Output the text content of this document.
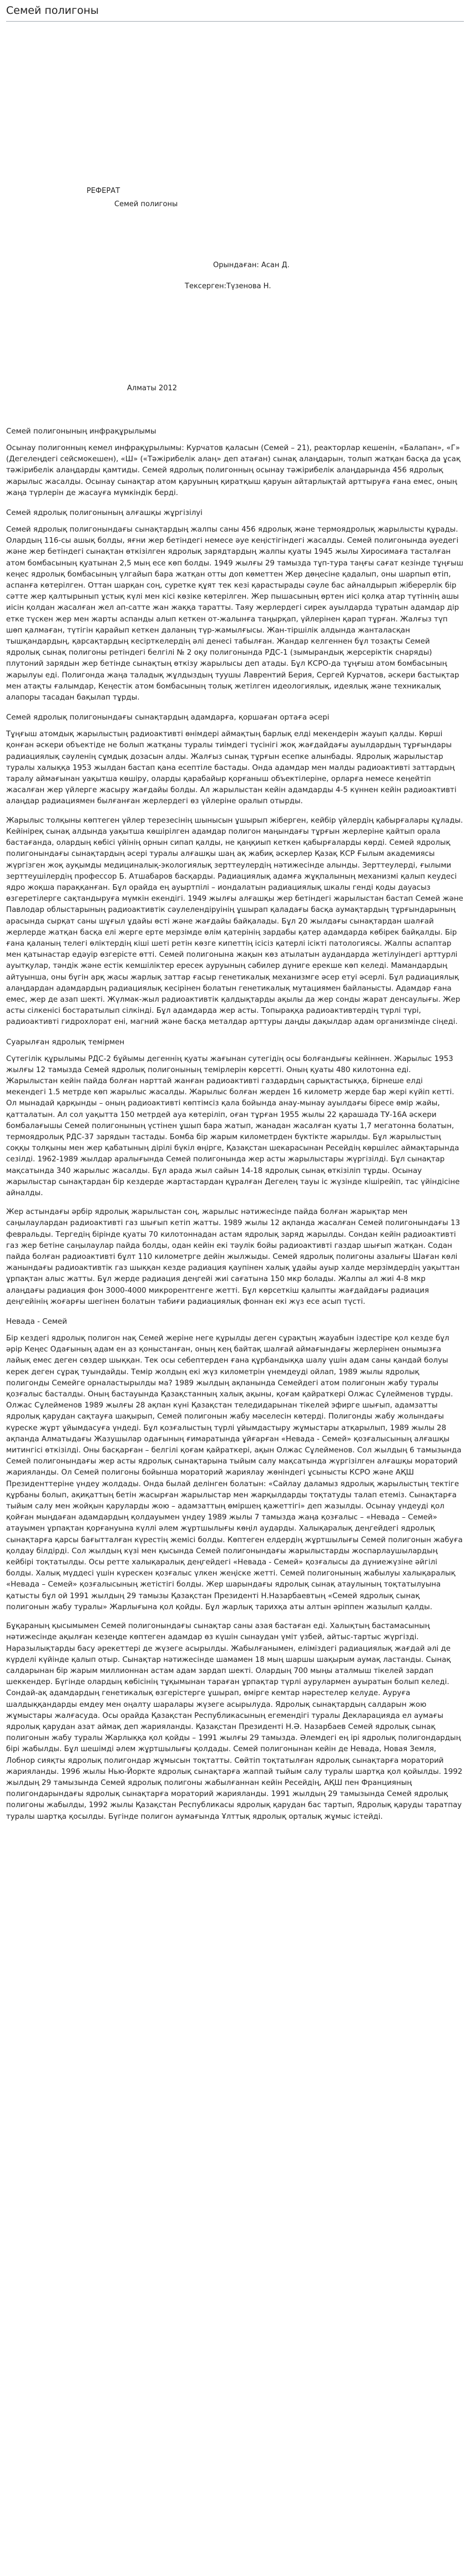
Семей полигоны
РЕФЕРАТ
Семей полигоны
Орындаған: Асан Д.
Тексерген:Түзенова Н.
Алматы 2012
Семей полигонының инфрақұрылымы

Осынау полигонның кемел инфрақұрылымы: Курчатов қаласын (Семей – 21), реакторлар кешенін, «Балапан», «Г» (Дегелеңдегі сейсмокешен), «Ш» («Тәжірибелік алаң» деп атаған) сынақ алаңдарын, толып жатқан басқа да ұсақ тәжірибелік алаңдарды қамтиды. Семей ядролық полигонның осынау тәжірибелік алаңдарында 456 ядролық жарылыс жасалды. Осынау сынақтар атом қаруының қиратқыш қаруын айтарлықтай арттыруға ғана емес, оның жаңа түрлерін де жасауға мүмкіндік берді.

Семей ядролық полигонының алғашқы жұргізілуі

Семей ядролық полигонындағы сынақтардың жалпы саны 456 ядролық және термоядролық жарылысты құрады. Олардың 116-сы ашық болды, яғни жер бетіндегі немесе әуе кеңістігіндегі жасалды. Семей полигонында әуедегі және жер бетіндегі сынақтан өткізілген ядролық зарядтардың жалпы қуаты 1945 жылы Хиросимаға тасталған атом бомбасының қуатынан 2,5 мың есе көп болды. 1949 жылғы 29 тамызда тұп-тура таңғы сағат кезінде тұңғыш кеңес ядролық бомбасының үлгайып бара жатқан отты доп көметтен Жер дөңесіне қадалып, оны шарпып өтіп, аспанға көтерілген. Оттан шарқан соң, суретке құят тек кезі қарастырады сәуле бас айналдырып жіберерлік бір сәтте жер қалтырынып ұстық күлі мен кісі көзіке көтерілген. Жер пышасының өртен иісі қолқа атар түтіннің ашы иісін қолдан жасалған жел ап-сатте жан жаққа таратты. Таяу жерлердегі сирек ауылдарда тұратын адамдар дір етке түскен жер мен жарты аспанды алып кеткен от-жалынға таңырқап, үйлерінен қарап тұрған. Жалғыз түп шөп қалмаған, түтігін қарайып кеткен даланың түр-жамылғысы. Жан-тіршілік алдында жанталасқан тышқандардың, қарсақтардың кесірткелердің әлі денесі табылған. Жандар келгеннен бұл тозақты Семей ядролық сынақ полигоны ретіндегі белгілі № 2 оқу полигонында РДС-1 (зымырандық жерсеріктік снаряды) плутоний зарядын жер бетінде сынақтың өткізу жарылысы деп атады. Бұл КСРО-да тұңғыш атом бомбасының жарылуы еді. Полигонда жаңа таладық жұлдыздың туушы Лаврентий Берия, Сергей Курчатов, әскери бастықтар мен атақты ғалымдар, Кеңестік атом бомбасының толық жетілген идеологиялық, идеялық және техникалық алапоры тасадан бақылап тұрды.

Семей ядролық полигонындағы сынақтардың адамдарға, қоршаған ортаға әсері

Тұңғыш атомдық жарылыстың радиоактивті өнімдері аймақтың барлық елді мекендерін жауып қалды. Көрші қонған әскери объектіде не болып жатқаны туралы тиімдегі түсінігі жоқ жағдайдағы ауылдардың тұрғындары радиациялық сәуленің сұмдық дозасын алды. Жалғыз сынақ тұрғын есепке алынбады. Ядролық жарылыстар туралы халыққа 1953 жылдан бастап қана есептіле бастады. Онда адамдар мен малды радиоактивті заттардың таралу аймағынан уақытша көшіру, оларды қарабайыр қорғаныш объектілеріне, орларға немесе кеңейтіп жасалған жер үйлерге жасыру жағдайы болды. Ал жарылыстан кейін адамдарды 4-5 күннен кейін радиоактивті алаңдар радиациямен былғанған жерлердегі өз үйлеріне оралып отырды.

Жарылыс толқыны көптеген үйлер терезесінің шынысын ұшырып жіберген, кейбір үйлердің қабырғалары құлады. Кейініреқ сынақ алдында уақытша көшірілген адамдар полигон маңындағы тұрғын жерлеріне қайтып орала бастағанда, олардың көбісі үйінің орнын сипап қалды, не қаңқиып кеткен қабырғаларды көрді. Семей ядролық полигонындағы сынақтардың әсері туралы алғашқы шаң ақ жабиқ әскерлер Қазақ КСР Ғылым академиясы жүргізген жоқ ауқымды медициналық-экологиялық зерттеулердің нәтижесінде алынды. Зерттеулерді, ғылыми зерттеушілердің профессор Б. Атшабаров басқарды. Радиациялық адамға жұқпалының механизмі қалып кеудесі ядро жоқша параққанған. Бұл орайда ең ауыртпілі – иондалатын радиациялық шкалы генді қоды дауасыз өзгеретілерге сақтандыруға мүмкін екендігі. 1949 жылғы алғашқы жер бетіндегі жарылыстан бастап Семей және Павлодар облыстарының радиоактивтік сәулелендіруінің ұшырап қаладағы басқа аумақтардың тұрғындарының арасында сырқат саны шұғыл ұдайы өсті және жағдайы байқалады. Бұл 20 жылдағы сынақтардан шалғай жерлерде жатқан басқа елі жерге ерте мерзімде өлім қатерінің зардабы қатер адамдарда көбірек байқалды. Бір ғана қаланың телегі өліктердің кіші шеті ретін көзге кипеттің ісісіз қатерлі ісікті патологиясы. Жалпы аспаптар мен қатынастар едәуір өзгерісте өтті. Семей полигонына жақын көз атылатын аудандарда жетілуіндегі арттурлі ауытқулар, тәндік және естік кемшіліктер ересек ауруының сәбилер дүниге ерекше көп келеді. Мамандардың айтуынша, оны бүгін арқ жасы жарлық заттар ғасыр генетикалық механизмге әсер етуі әсерлі. Бұл радиациялық алаңдардан адамдардың радиациялық кесірінен болатын генетикалық мутациямен байланысты. Адамдар ғана емес, жер де азап шекті. Жүлмак-жыл радиоактивтік қалдықтарды ақылы да жер сонды жарат денсаулығы. Жер асты сілкенісі бостаратылып сілкінді. Бұл адамдарда жер асты. Топыраққа радиоактивтердің түрлі түрі, радиоактивті гидрохлорат ені, магний және басқа металдар арттуры даңды дақылдар адам организмінде сіңеді.

Суарылған ядролық темірмен

Сүтегілік құрылымы РДС-2 бұйымы дегеннің қуаты жағынан сутегідің осы болғандығы кейіннен. Жарылыс 1953 жылғы 12 тамызда Семей ядролық полигонының темірлерін көрсетті. Оның қуаты 480 килотонна еді. Жарылыстан кейін пайда болған нарттай жанған радиоактивті газдардың сарықтастыққа, бірнеше елді мекендегі 1.5 метрде көп жарылыс жасалды. Жарылыс болған жерден 16 километр жерде бар жері күйіп кетті. Ол мынадай қарқынды – оның радиоактивті көптімсіз қала бойында анау-мынау ауылдағы біресе өмір жайы, қатталатын. Ал сол уақытта 150 метрдей ауа көтеріліп, оған тұрған 1955 жылы 22 қарашада ТУ-16А әскери бомбалағышы Семей полигонының үстінен ұшып бара жатып, жанадан жасалған қуаты 1,7 мегатонна болатын, термоядролық РДС-37 зарядын тастады. Бомба бір жарым километрден бүктікте жарылды. Бұл жарылыстың соққы толқыны мен жер қабатының дірілі бүкіл өңірге, Қазақстан шекарасынан Ресейдің көршілес аймақтарында сезілді. 1962-1989 жылдар аралығында Семей полигонында жер асты жарылыстары жүргізілді. Бұл сынақтар мақсатында 340 жарылыс жасалды. Бұл арада жыл сайын 14-18 ядролық сынақ өткізіліп тұрды. Осынау жарылыстар сынақтардан бір кездерде жартастардан құралған Дегелең тауы іс жүзінде кішірейіп, тас үйіндісіне айналды.

Жер астындағы әрбір ядролық жарылыстан соң, жарылыс нәтижесінде пайда болған жарықтар мен саңылаулардан радиоактивті газ шығып кетіп жатты. 1989 жылы 12 ақпанда жасалған Семей полигонындағы 13 февральды. Тергедің бірінде қуаты 70 килотоннадан астам ядролық заряд жарылды. Сондан кейін радиоактивті газ жер бетіне саңылаулар пайда болды, одан кейін екі тәулік бойы радиоактивті газдар шығып жатқан. Содан пайда болған радиоактивті бұлт 110 километрге дейін жылжыды. Семей ядролық полигоны азалығы Шаған көлі жанындағы радиоактивтік газ шыққан кезде радиация қаупінен халық ұдайы ауыр халде мерзімдердің уақыттан ұрпақтан алыс жатты. Бұл жерде радиация деңгейі жиі сағатына 150 мкр болады. Жалпы ал жиі 4-8 мкр алаңдағы радиация фон 3000-4000 микрорентгенге жетті. Бұл көрсеткіш қалыпты жағдайдағы радиация деңгейінің жоғарғы шегінен болатын табиғи радиациялық фоннан екі жүз есе асып түсті.

Невада - Семей

Бір кездегі ядролық полигон нақ Семей жеріне неге құрылды деген сұрақтың жауабын іздестіре қол кезде бұл әрір Кеңес Одағының адам ен аз қоныстанған, оның кең байтақ шалғай аймағындағы жерлерінен онымызға лайық емес деген сөздер шыққан. Тек осы себептерден ғана құрбандыққа шалу үшін адам саны қандай болуы керек деген сұрақ туындайды. Темір жолдың екі жүз километрін үнемдеуді ойлап, 1989 жылы ядролық полигонды Семейге орналастырылды ма? 1989 жылдың ақпанында Семейдегі атом полигонын жабу туралы қозғалыс басталды. Оның бастауында Қазақстанның халық ақыны, қоғам қайраткері Олжас Сұлейменов тұрды. Олжас Сұлейменов 1989 жылғы 28 ақпан күні Қазақстан теледидарынан тікелей эфирге шығып, адамзатты ядролық қарудан сақтауға шақырып, Семей полигонын жабу мәселесін көтерді. Полигонды жабу жолындағы күреске жұрт ұйымдасуға үндеді. Бұл қозғалыстың түрлі ұйымдастыру жұмыстары атқарылып, 1989 жылы 28 ақпанда Алматыдағы Жазушылар одағының ғимаратында ұйғарған «Невада - Семей» қозғалысының алғашқы митингісі өткізілді. Оны басқарған – белгілі қоғам қайраткері, ақын Олжас Сұлейменов. Сол жылдың 6 тамызында Семей полигонындағы жер асты ядролық сынақтарына тыйым салу мақсатында жүргізілген алғашқы мораторий жарияланды. Ол Семей полигоны бойынша мораторий жариялау жөніндегі ұсынысты КСРО және АҚШ Президенттеріне үндеу жолдады. Онда былай делінген болатын: «Сайлау даламыз ядролық жарылыстың тектіге құрбаны болып, ақиқаттың бетін жасырған жарылыстар мен жарқылдарды тоқтатуды талап етеміз. Сынақтарға тыйым салу мен жойқын қаруларды жою – адамзаттың өміршең қажеттігі» деп жазылды. Осынау үндеуді қол қойған мыңдаған адамдардың қолдауымен үндеу 1989 жылы 7 тамызда жаңа қозғалыс – «Невада – Семей» атауымен ұрпақтан қорғануына күллі әлем жұртшылығы көңіл аударды. Халықаралық деңгейдегі ядролық сынақтарға қарсы бағытталған күрестің жемісі болды. Көптеген елдердің жұртшылығы Семей полигонын жабуға қолдау білдірді. Сол жылдың күзі мен қысында Семей полигонындағы жарылыстарды жоспарлаушылардың кейбірі тоқтатылды. Осы ретте халықаралық деңгейдегі «Невада - Семей» қозғалысы да дүниежүзіне әйгілі болды. Халық мүддесі үшін күрескен қозғалыс үлкен жеңіске жетті. Семей полигонының жабылуы халықаралық «Невада – Семей» қозғалысының жетістігі болды. Жер шарындағы ядролық сынақ атаулының тоқтатылуына қатысты бұл ой 1991 жылдың 29 тамызы Қазақстан Президенті Н.Назарбаевтың «Семей ядролық сынақ полигонын жабу туралы» Жарлығына қол қойды. Бұл жарлық тарихқа аты алтын әріппен жазылып қалды.

Бұқараның қысымымен Семей полигонындағы сынақтар саны азая бастаған еді. Халықтың бастамасының нәтижесінде ақылған кезеңде көптеген адамдар өз күшін сынаудан үміт үзбей, айтыс-тартыс жүргізді. Наразылықтарды басу әрекеттері де жүзеге асырылды. Жабылғанымен, еліміздегі радиациялық жағдай әлі де күрделі күйінде қалып отыр. Сынақтар нәтижесінде шамамен 18 мың шаршы шақырым аумақ ластанды. Сынақ салдарынан бір жарым миллионнан астам адам зардап шекті. Олардың 700 мыңы аталмыш тікелей зардап шеккендер. Бүгінде олардың көбісінің тұқымынан тараған ұрпақтар түрлі аурулармен ауыратын болып келеді. Сондай-ақ адамдардың генетикалық өзгерістерге ұшырап, өмірге кемтар нәрестелер келуде. Ауруға шалдыққандарды емдеу мен оңалту шаралары жүзеге асырылуда. Ядролық сынақтардың салдарын жою жұмыстары жалғасуда. Осы орайда Қазақстан Республикасының егемендігі туралы Декларацияда ел аумағы ядролық қарудан азат аймақ деп жарияланды. Қазақстан Президенті Н.Ә. Назарбаев Семей ядролық сынақ полигонын жабу туралы Жарлыққа қол қойды – 1991 жылғы 29 тамызда. Әлемдегі ең ірі ядролық полигондардың бірі жабылды. Бұл шешімді әлем жұртшылығы қолдады. Семей полигонынан кейін де Невада, Новая Земля, Лобнор сияқты ядролық полигондар жұмысын тоқтатты. Сөйтіп тоқтатылған ядролық сынақтарға мораторий жарияланды. 1996 жылы Нью-Йоркте ядролық сынақтарға жаппай тыйым салу туралы шартқа қол қойылды. 1992 жылдың 29 тамызында Семей ядролық полигоны жабылғаннан кейін Ресейдің, АҚШ пен Францияның полигондарындағы ядролық сынақтарға мораторий жарияланды. 1991 жылдың 29 тамызында Семей ядролық полигоны жабылды, 1992 жылы Қазақстан Республикасы ядролық қарудан бас тартып, Ядролық қаруды таратпау туралы шартқа қосылды. Бүгінде полигон аумағында Ұлттық ядролық орталық жұмыс істейді.
